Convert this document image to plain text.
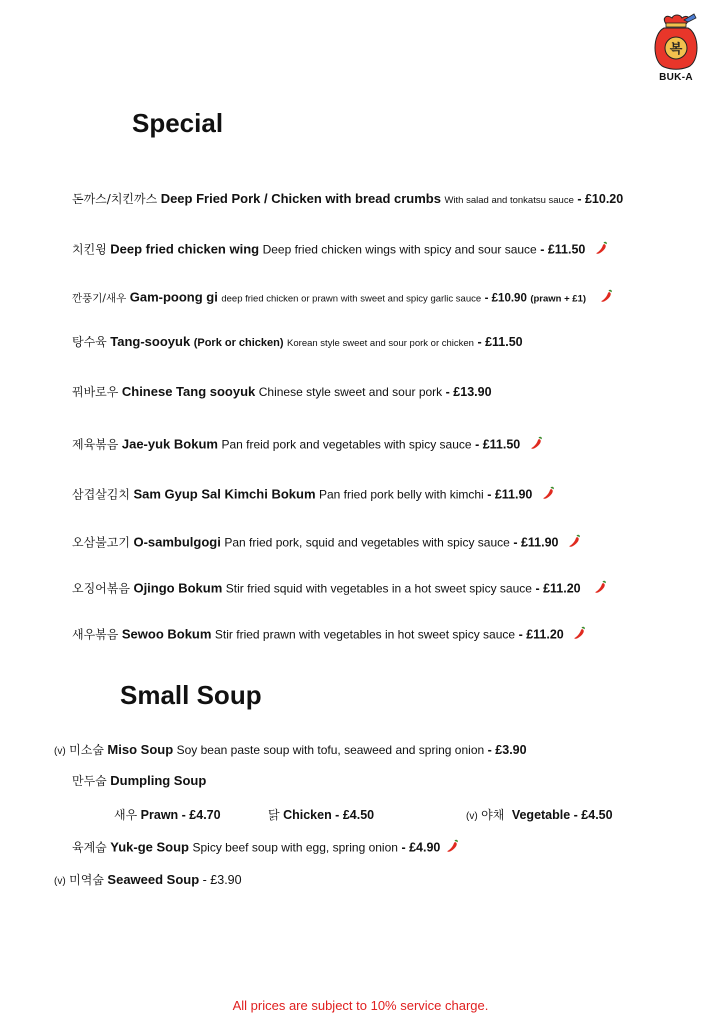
복
BUK-A
Special
돈까스/치킨까스 Deep Fried Pork / Chicken with bread crumbs With salad and tonkatsu sauce - £10.20
치킨윙 Deep fried chicken wing Deep fried chicken wings with spicy and sour sauce - £11.50
깐풍기/새우 Gam-poong gi deep fried chicken or prawn with sweet and spicy garlic sauce - £10.90 (prawn + £1)
탕수육 Tang-sooyuk (Pork or chicken) Korean style sweet and sour pork or chicken - £11.50
꿔바로우 Chinese Tang sooyuk Chinese style sweet and sour pork - £13.90
제육볶음 Jae-yuk Bokum Pan freid pork and vegetables with spicy sauce - £11.50
삼겹살김치 Sam Gyup Sal Kimchi Bokum Pan fried pork belly with kimchi - £11.90
오삼불고기 O-sambulgogi Pan fried pork, squid and vegetables with spicy sauce - £11.90
오징어볶음 Ojingo Bokum Stir fried squid with vegetables in a hot sweet spicy sauce - £11.20
새우볶음 Sewoo Bokum Stir fried prawn with vegetables in hot sweet spicy sauce - £11.20
Small Soup
(v) 미소숩 Miso Soup Soy bean paste soup with tofu, seaweed and spring onion - £3.90
만두숩 Dumpling Soup
새우 Prawn - £4.70	닭 Chicken - £4.50	(v) 야채 Vegetable - £4.50
육계숩 Yuk-ge Soup Spicy beef soup with egg, spring onion - £4.90
(v) 미역숩 Seaweed Soup - £3.90
All prices are subject to 10% service charge.
